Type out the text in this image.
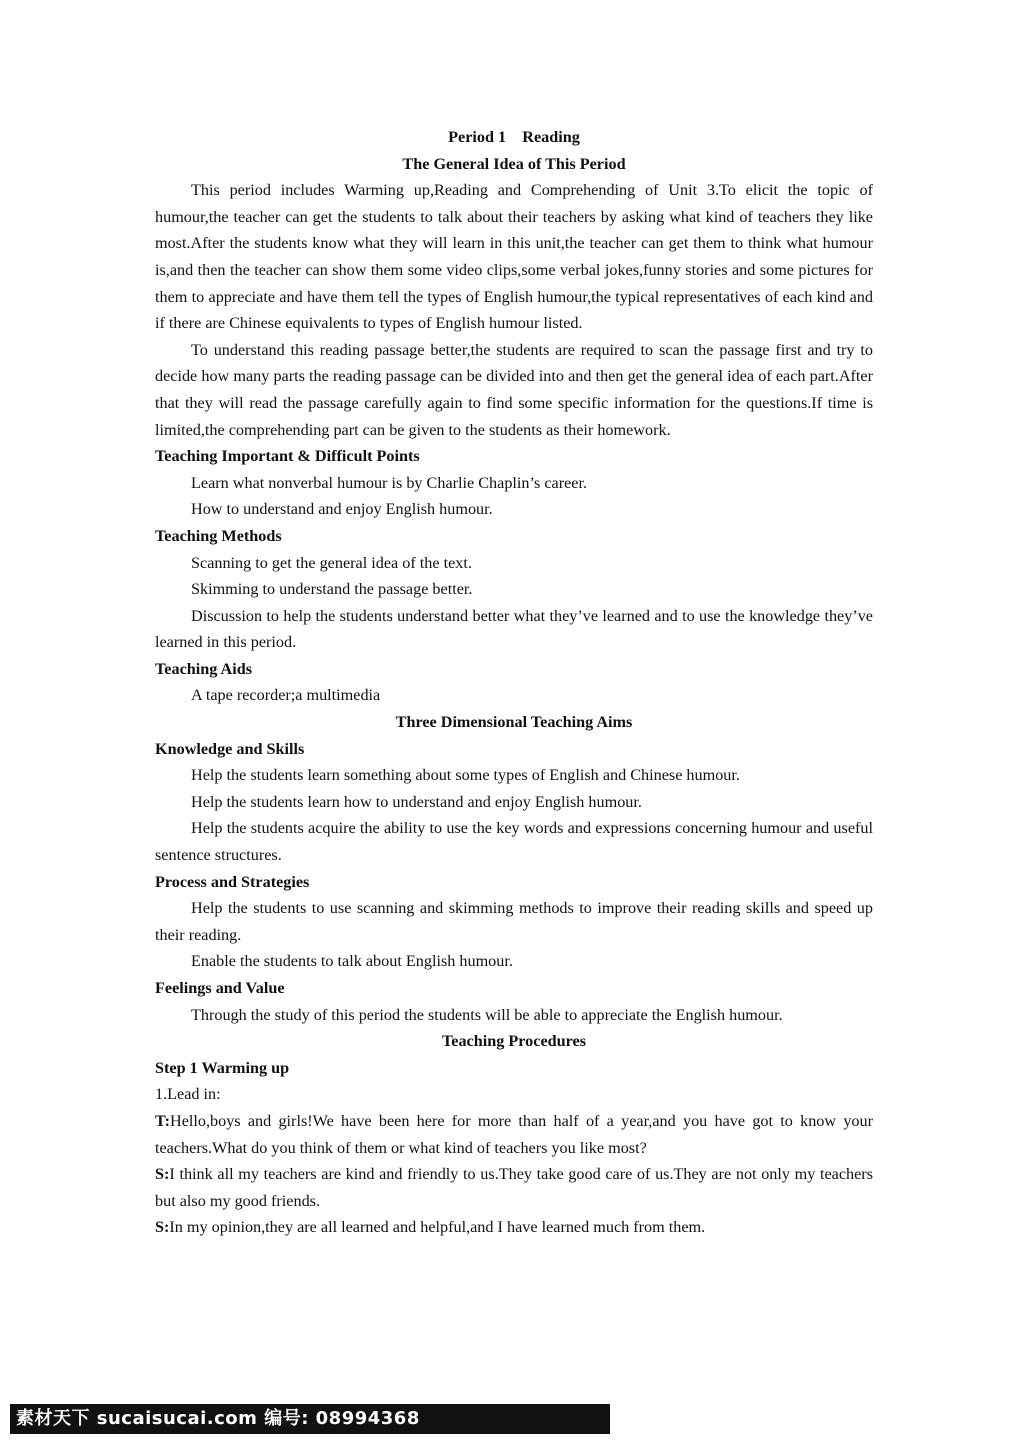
Period 1    Reading
The General Idea of This Period

This period includes Warming up,Reading and Comprehending of Unit 3.To elicit the topic of humour,the teacher can get the students to talk about their teachers by asking what kind of teachers they like most.After the students know what they will learn in this unit,the teacher can get them to think what humour is,and then the teacher can show them some video clips,some verbal jokes,funny stories and some pictures for them to appreciate and have them tell the types of English humour,the typical representatives of each kind and if there are Chinese equivalents to types of English humour listed.

To understand this reading passage better,the students are required to scan the passage first and try to decide how many parts the reading passage can be divided into and then get the general idea of each part.After that they will read the passage carefully again to find some specific information for the questions.If time is limited,the comprehending part can be given to the students as their homework.

Teaching Important & Difficult Points

Learn what nonverbal humour is by Charlie Chaplin’s career.

How to understand and enjoy English humour.

Teaching Methods

Scanning to get the general idea of the text.

Skimming to understand the passage better.

Discussion to help the students understand better what they’ve learned and to use the knowledge they’ve learned in this period.

Teaching Aids

A tape recorder;a multimedia

Three Dimensional Teaching Aims

Knowledge and Skills

Help the students learn something about some types of English and Chinese humour.

Help the students learn how to understand and enjoy English humour.

Help the students acquire the ability to use the key words and expressions concerning humour and useful sentence structures.

Process and Strategies

Help the students to use scanning and skimming methods to improve their reading skills and speed up their reading.

Enable the students to talk about English humour.

Feelings and Value

Through the study of this period the students will be able to appreciate the English humour.

Teaching Procedures

Step 1 Warming up

1.Lead in:

T:Hello,boys and girls!We have been here for more than half of a year,and you have got to know your teachers.What do you think of them or what kind of teachers you like most?

S:I think all my teachers are kind and friendly to us.They take good care of us.They are not only my teachers but also my good friends.

S:In my opinion,they are all learned and helpful,and I have learned much from them.

素材天下 sucaisucai.com 编号: 08994368
